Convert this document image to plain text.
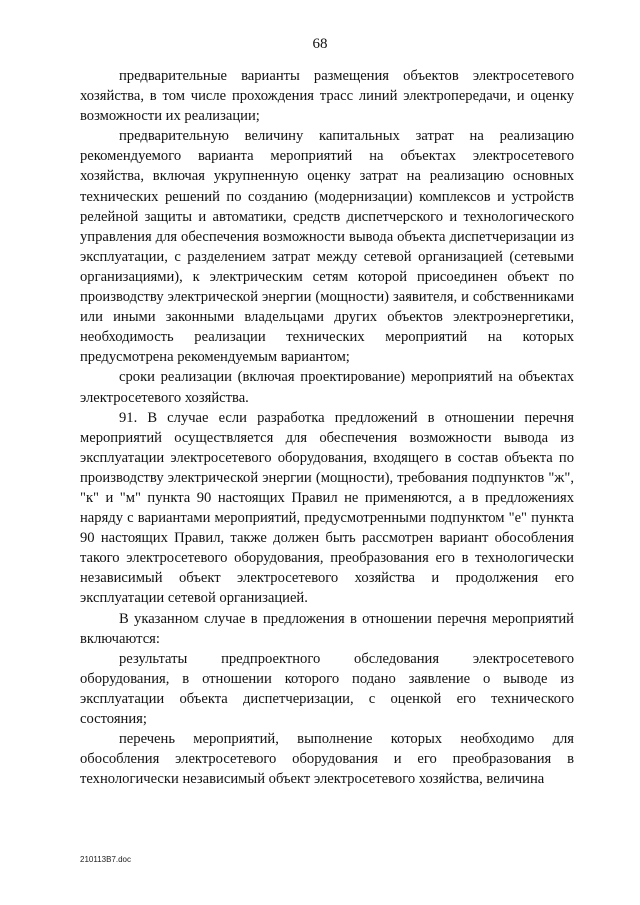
68

предварительные варианты размещения объектов электросетевого хозяйства, в том числе прохождения трасс линий электропередачи, и оценку возможности их реализации;

предварительную величину капитальных затрат на реализацию рекомендуемого варианта мероприятий на объектах электросетевого хозяйства, включая укрупненную оценку затрат на реализацию основных технических решений по созданию (модернизации) комплексов и устройств релейной защиты и автоматики, средств диспетчерского и технологического управления для обеспечения возможности вывода объекта диспетчеризации из эксплуатации, с разделением затрат между сетевой организацией (сетевыми организациями), к электрическим сетям которой присоединен объект по производству электрической энергии (мощности) заявителя, и собственниками или иными законными владельцами других объектов электроэнергетики, необходимость реализации технических мероприятий на которых предусмотрена рекомендуемым вариантом;

сроки реализации (включая проектирование) мероприятий на объектах электросетевого хозяйства.

91. В случае если разработка предложений в отношении перечня мероприятий осуществляется для обеспечения возможности вывода из эксплуатации электросетевого оборудования, входящего в состав объекта по производству электрической энергии (мощности), требования подпунктов "ж", "к" и "м" пункта 90 настоящих Правил не применяются, а в предложениях наряду с вариантами мероприятий, предусмотренными подпунктом "е" пункта 90 настоящих Правил, также должен быть рассмотрен вариант обособления такого электросетевого оборудования, преобразования его в технологически независимый объект электросетевого хозяйства и продолжения его эксплуатации сетевой организацией.

В указанном случае в предложения в отношении перечня мероприятий включаются:

результаты предпроектного обследования электросетевого оборудования, в отношении которого подано заявление о выводе из эксплуатации объекта диспетчеризации, с оценкой его технического состояния;

перечень мероприятий, выполнение которых необходимо для обособления электросетевого оборудования и его преобразования в технологически независимый объект электросетевого хозяйства, величина

210113В7.doc
